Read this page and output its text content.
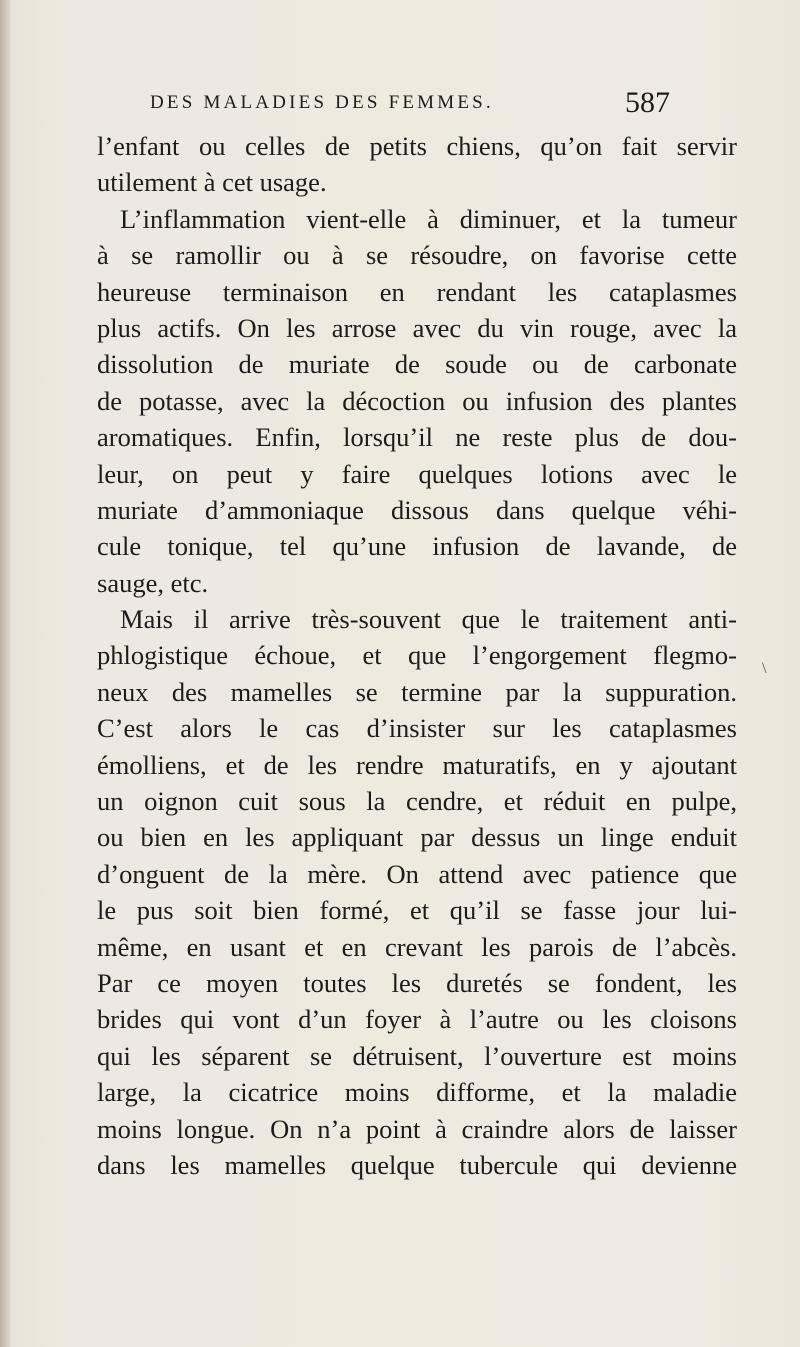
DES MALADIES DES FEMMES.	587
l’enfant ou celles de petits chiens, qu’on fait servir
utilement à cet usage.
L’inflammation vient-elle à diminuer, et la tumeur
à se ramollir ou à se résoudre, on favorise cette
heureuse terminaison en rendant les cataplasmes
plus actifs. On les arrose avec du vin rouge, avec la
dissolution de muriate de soude ou de carbonate
de potasse, avec la décoction ou infusion des plantes
aromatiques. Enfin, lorsqu’il ne reste plus de dou-
leur, on peut y faire quelques lotions avec le
muriate d’ammoniaque dissous dans quelque véhi-
cule tonique, tel qu’une infusion de lavande, de
sauge, etc.
Mais il arrive très-souvent que le traitement anti-
phlogistique échoue, et que l’engorgement flegmo-
neux des mamelles se termine par la suppuration.
C’est alors le cas d’insister sur les cataplasmes
émolliens, et de les rendre maturatifs, en y ajoutant
un oignon cuit sous la cendre, et réduit en pulpe,
ou bien en les appliquant par dessus un linge enduit
d’onguent de la mère. On attend avec patience que
le pus soit bien formé, et qu’il se fasse jour lui-
même, en usant et en crevant les parois de l’abcès.
Par ce moyen toutes les duretés se fondent, les
brides qui vont d’un foyer à l’autre ou les cloisons
qui les séparent se détruisent, l’ouverture est moins
large, la cicatrice moins difforme, et la maladie
moins longue. On n’a point à craindre alors de laisser
dans les mamelles quelque tubercule qui devienne
\
